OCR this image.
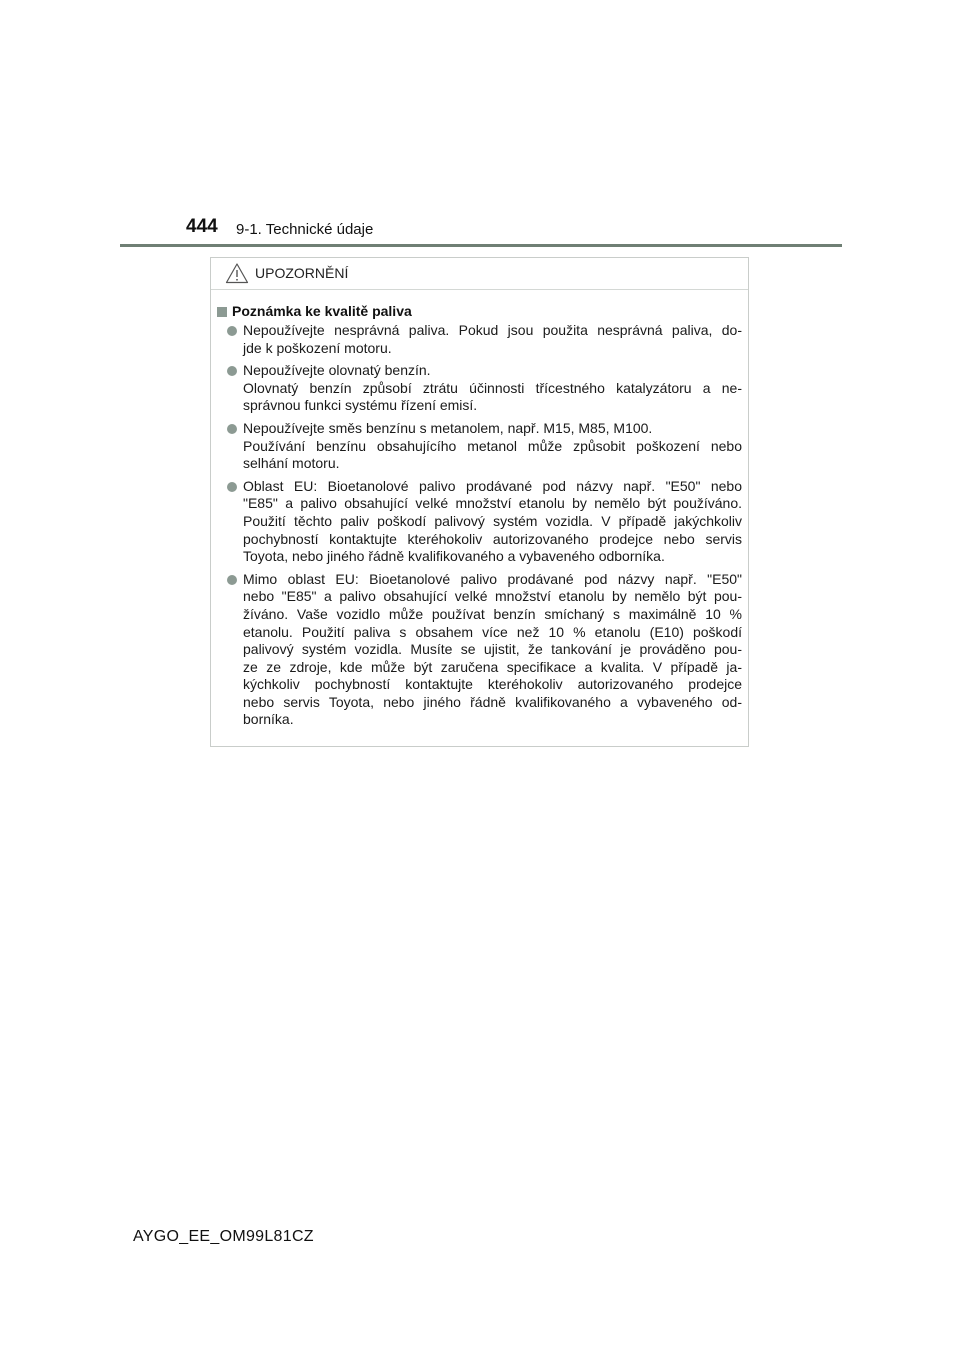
444 9-1. Technické údaje
UPOZORNĚNÍ
Poznámka ke kvalitě paliva
Nepoužívejte nesprávná paliva. Pokud jsou použita nesprávná paliva, do-
jde k poškození motoru.
Nepoužívejte olovnatý benzín.
Olovnatý benzín způsobí ztrátu účinnosti třícestného katalyzátoru a ne-
správnou funkci systému řízení emisí.
Nepoužívejte směs benzínu s metanolem, např. M15, M85, M100.
Používání benzínu obsahujícího metanol může způsobit poškození nebo
selhání motoru.
Oblast EU: Bioetanolové palivo prodávané pod názvy např. "E50" nebo
"E85" a palivo obsahující velké množství etanolu by nemělo být používáno.
Použití těchto paliv poškodí palivový systém vozidla. V případě jakýchkoliv
pochybností kontaktujte kteréhokoliv autorizovaného prodejce nebo servis
Toyota, nebo jiného řádně kvalifikovaného a vybaveného odborníka.
Mimo oblast EU: Bioetanolové palivo prodávané pod názvy např. "E50"
nebo "E85" a palivo obsahující velké množství etanolu by nemělo být pou-
žíváno. Vaše vozidlo může používat benzín smíchaný s maximálně 10 %
etanolu. Použití paliva s obsahem více než 10 % etanolu (E10) poškodí
palivový systém vozidla. Musíte se ujistit, že tankování je prováděno pou-
ze ze zdroje, kde může být zaručena specifikace a kvalita. V případě ja-
kýchkoliv pochybností kontaktujte kteréhokoliv autorizovaného prodejce
nebo servis Toyota, nebo jiného řádně kvalifikovaného a vybaveného od-
borníka.
AYGO_EE_OM99L81CZ
